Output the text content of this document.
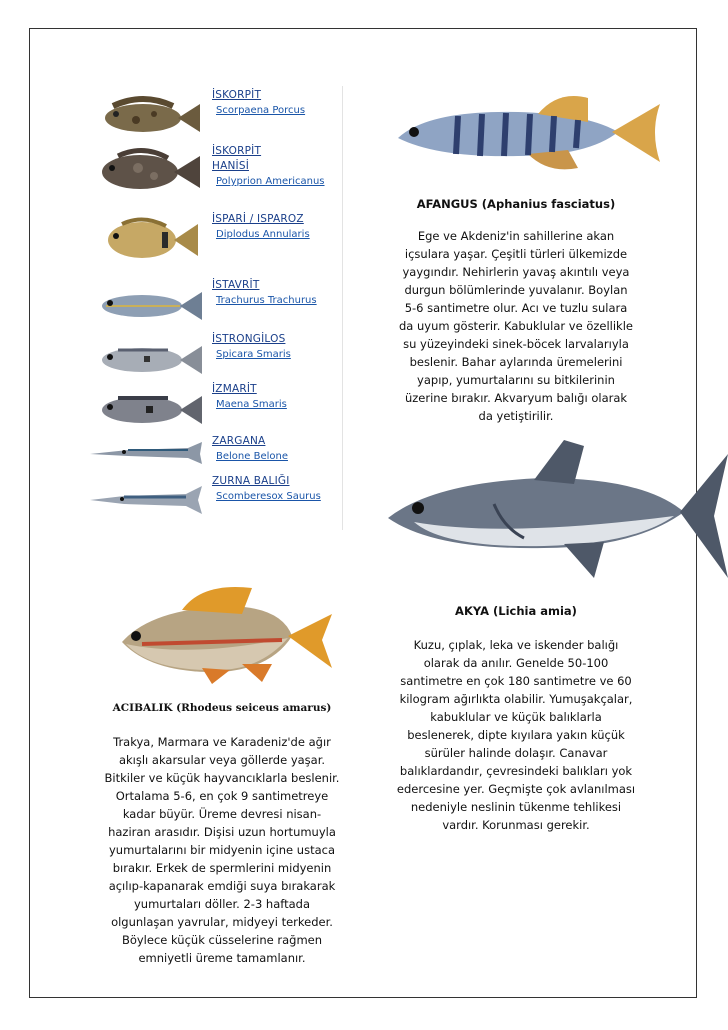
İSKORPİT
Scorpaena Porcus
İSKORPİT HANİSİ
Polyprion Americanus
İSPARİ / ISPAROZ
Diplodus Annularis
İSTAVRİT
Trachurus Trachurus
İSTRONGİLOS
Spicara Smaris
İZMARİT
Maena Smaris
ZARGANA
Belone Belone
ZURNA BALIĞI
Scomberesox Saurus
AFANGUS (Aphanius fasciatus)
Ege ve Akdeniz'in sahillerine akan
içsulara yaşar. Çeşitli türleri ülkemizde
yaygındır. Nehirlerin yavaş akıntılı veya
durgun bölümlerinde yuvalanır. Boylan
5-6 santimetre olur. Acı ve tuzlu sulara
da uyum gösterir. Kabuklular ve özellikle
su yüzeyindeki sinek-böcek larvalarıyla
beslenir. Bahar aylarında üremelerini
yapıp, yumurtalarını su bitkilerinin
üzerine bırakır. Akvaryum balığı olarak
da yetiştirilir.
AKYA (Lichia amia)
Kuzu, çıplak, leka ve iskender balığı
olarak da anılır. Genelde 50-100
santimetre en çok 180 santimetre ve 60
kilogram ağırlıkta olabilir. Yumuşakçalar,
kabuklular ve küçük balıklarla
beslenerek, dipte kıyılara yakın küçük
sürüler halinde dolaşır. Canavar
balıklardandır, çevresindeki balıkları yok
edercesine yer. Geçmişte çok avlanılması
nedeniyle neslinin tükenme tehlikesi
vardır. Korunması gerekir.
ACIBALIK (Rhodeus seiceus amarus)
Trakya, Marmara ve Karadeniz'de ağır
akışlı akarsular veya göllerde yaşar.
Bitkiler ve küçük hayvancıklarla beslenir.
Ortalama 5-6, en çok 9 santimetreye
kadar büyür. Üreme devresi nisan-
haziran arasıdır. Dişisi uzun hortumuyla
yumurtalarını bir midyenin içine ustaca
bırakır. Erkek de spermlerini midyenin
açılıp-kapanarak emdiği suya bırakarak
yumurtaları döller. 2-3 haftada
olgunlaşan yavrular, midyeyi terkeder.
Böylece küçük cüsselerine rağmen
emniyetli üreme tamamlanır.
